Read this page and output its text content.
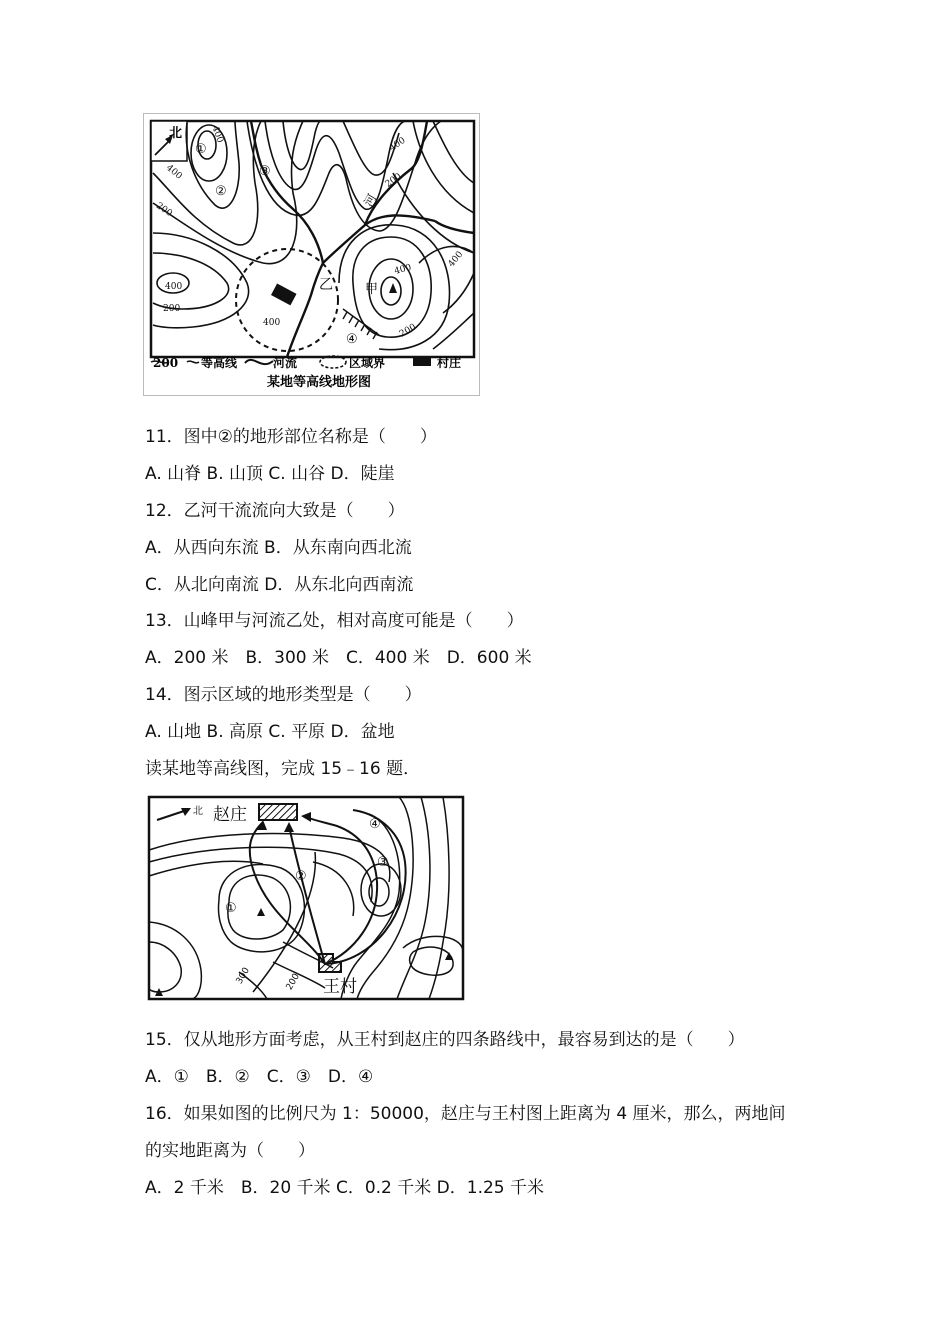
北
①
②
③
④
乙 甲
河
400
400
200
400
200
400
400
200
400
200
400
200 等高线	河流	区域界	村庄
某地等高线地形图
11．图中②的地形部位名称是（　　）
A. 山脊 B. 山顶 C. 山谷 D．陡崖
12．乙河干流流向大致是（　　）
A．从西向东流 B．从东南向西北流
C．从北向南流 D．从东北向西南流
13．山峰甲与河流乙处，相对高度可能是（　　）
A．200 米　B．300 米　C．400 米　D．600 米
14．图示区域的地形类型是（　　）
A. 山地 B. 高原 C. 平原 D．盆地
读某地等高线图，完成 15﹣16 题．
北 赵庄
王村
①
②
③
④
300	200
15．仅从地形方面考虑，从王村到赵庄的四条路线中，最容易到达的是（　　）
A．①　B．②　C．③　D．④
16．如果如图的比例尺为 1：50000，赵庄与王村图上距离为 4 厘米，那么，两地间
的实地距离为（　　）
A．2 千米　B．20 千米 C．0.2 千米 D．1.25 千米
